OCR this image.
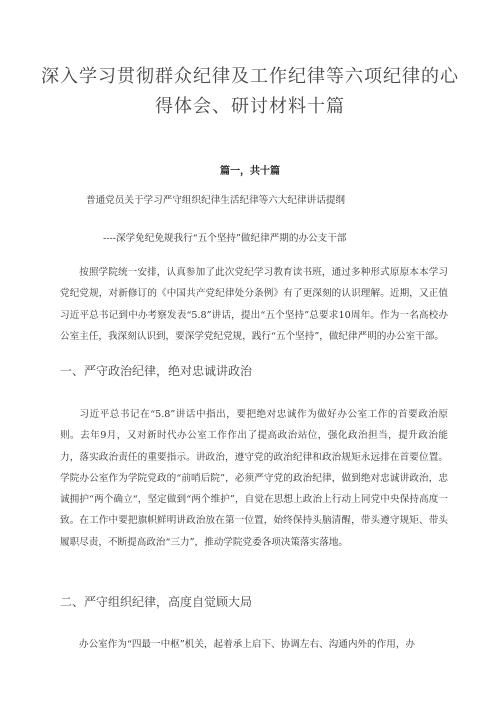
深入学习贯彻群众纪律及工作纪律等六项纪律的心
得体会、研讨材料十篇
篇一，共十篇
普通党员关于学习严守组织纪律生活纪律等六大纪律讲话提纲
----深学免纪免规我行“五个坚持”做纪律严期的办公支干部
按照学院统一安排，认真参加了此次党纪学习教育读书班，通过多种形式原原本本学习党纪党规，对新修订的《中国共产党纪律处分条例》有了更深刻的认识理解。近期，又正值习近平总书记到中办考察发表“5.8”讲话，提出“五个坚持”总要求10周年。作为一名高校办公室主任，我深刻认识到，要深学党纪党规，践行“五个坚持”，做纪律严明的办公室干部。
一、严守政治纪律，绝对忠诚讲政治
习近平总书记在“5.8”讲话中指出，要把绝对忠诚作为做好办公室工作的首要政治原则。去年9月，又对新时代办公室工作作出了提高政治站位，强化政治担当，提升政治能力，落实政治责任的重要指示。讲政治，遵守党的政治纪律和政治规矩永远排在首要位置。学院办公室作为学院党政的“前哨后院”，必须严守党的政治纪律，做到绝对忠诚讲政治，忠诚拥护“两个确立“，坚定做到“两个维护”，自觉在思想上政治上行动上同党中央保持高度一致。在工作中要把旗帜鲜明讲政治放在第一位置，始终保持头脑清醒，带头遵守规矩、带头履职尽责，不断提高政治“三力”，推动学院党委各项决策落实落地。
二、严守组织纪律，高度自觉顾大局
办公室作为“四最一中枢”机关，起着承上启下、协调左右、沟通内外的作用，办
